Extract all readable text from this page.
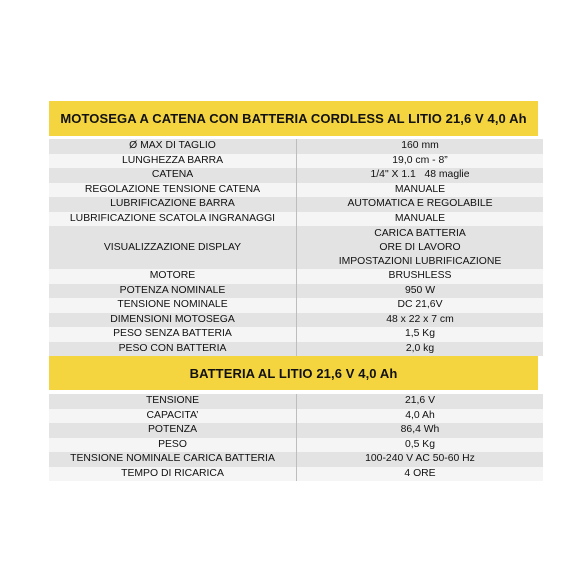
MOTOSEGA A CATENA CON BATTERIA CORDLESS AL LITIO 21,6 V 4,0 Ah
Ø MAX DI TAGLIO	160 mm
LUNGHEZZA BARRA	19,0 cm - 8”
CATENA	1/4" X 1.1   48 maglie
REGOLAZIONE TENSIONE CATENA	MANUALE
LUBRIFICAZIONE BARRA	AUTOMATICA E REGOLABILE
LUBRIFICAZIONE SCATOLA INGRANAGGI	MANUALE
VISUALIZZAZIONE DISPLAY	CARICA BATTERIA
ORE DI LAVORO
IMPOSTAZIONI LUBRIFICAZIONE

MOTORE	BRUSHLESS
POTENZA NOMINALE	950 W
TENSIONE NOMINALE	DC 21,6V
DIMENSIONI MOTOSEGA	48 x 22 x 7 cm
PESO SENZA BATTERIA	1,5 Kg
PESO CON BATTERIA	2,0 kg
BATTERIA AL LITIO 21,6 V 4,0 Ah
TENSIONE	21,6 V
CAPACITA’	4,0 Ah
POTENZA	86,4 Wh
PESO	0,5 Kg
TENSIONE NOMINALE CARICA BATTERIA	100-240 V AC 50-60 Hz
TEMPO DI RICARICA	4 ORE
